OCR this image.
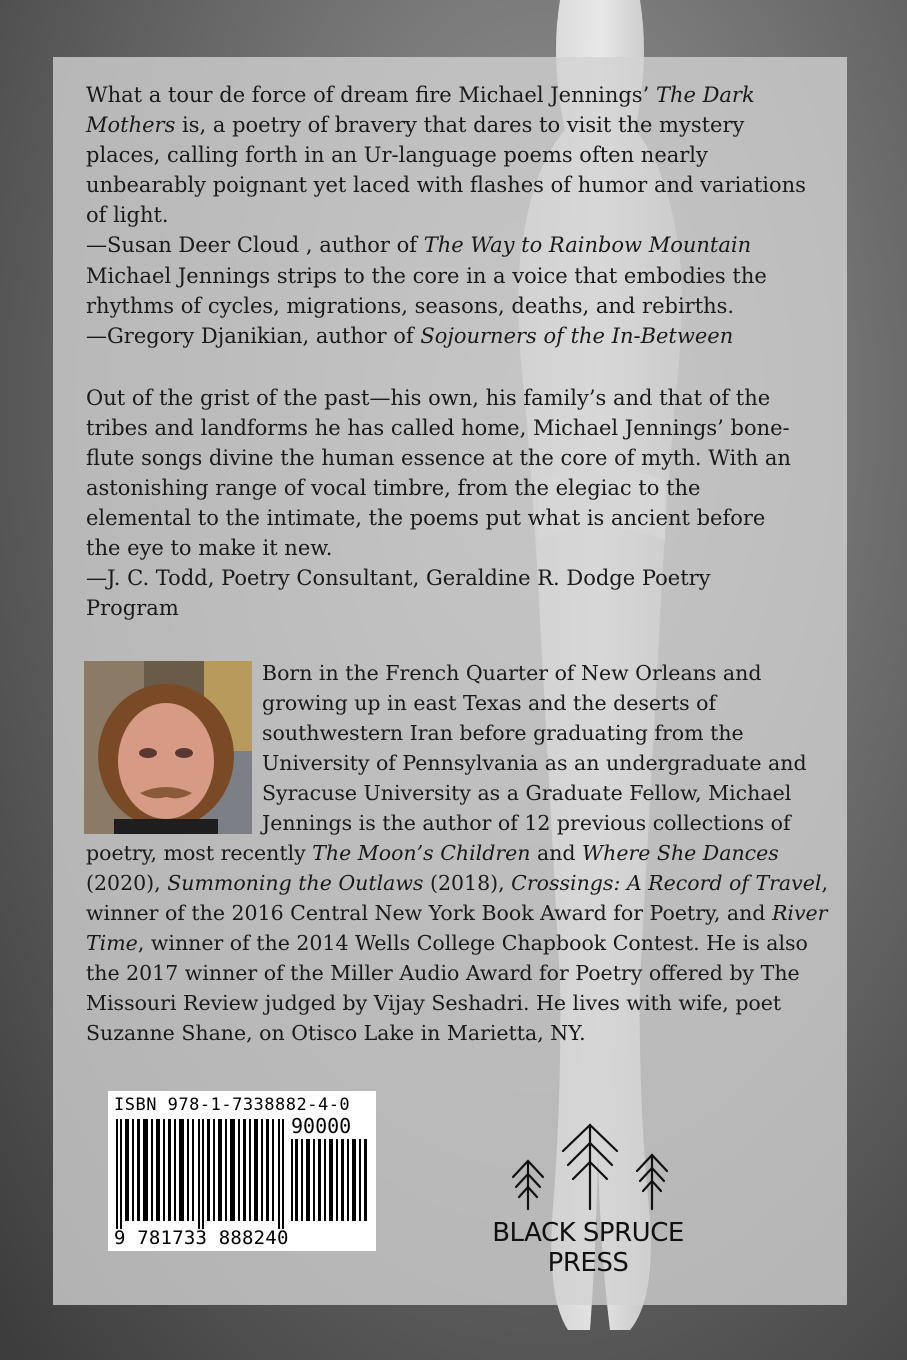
What a tour de force of dream fire Michael Jennings’ The Dark Mothers is, a poetry of bravery that dares to visit the mystery places, calling forth in an Ur-language poems often nearly unbearably poignant yet laced with flashes of humor and variations of light.

—Susan Deer Cloud , author of The Way to Rainbow Mountain

Michael Jennings strips to the core in a voice that embodies the rhythms of cycles, migrations, seasons, deaths, and rebirths.

—Gregory Djanikian, author of Sojourners of the In-Between

Out of the grist of the past—his own, his family’s and that of the tribes and landforms he has called home, Michael Jennings’ bone-flute songs divine the human essence at the core of myth. With an astonishing range of vocal timbre, from the elegiac to the elemental to the intimate, the poems put what is ancient before the eye to make it new.

—J. C. Todd, Poetry Consultant, Geraldine R. Dodge Poetry Program

Born in the French Quarter of New Orleans and growing up in east Texas and the deserts of southwestern Iran before graduating from the University of Pennsylvania as an undergraduate and Syracuse University as a Graduate Fellow, Michael Jennings is the author of 12 previous collections of poetry, most recently The Moon’s Children and Where She Dances (2020), Summoning the Outlaws (2018), Crossings: A Record of Travel, winner of the 2016 Central New York Book Award for Poetry, and River Time, winner of the 2014 Wells College Chapbook Contest. He is also the 2017 winner of the Miller Audio Award for Poetry offered by The Missouri Review judged by Vijay Seshadri. He lives with wife, poet Suzanne Shane, on Otisco Lake in Marietta, NY.
ISBN 978-1-7338882-4-0
90000
9 781733 888240	BLACK SPRUCE PRESS
